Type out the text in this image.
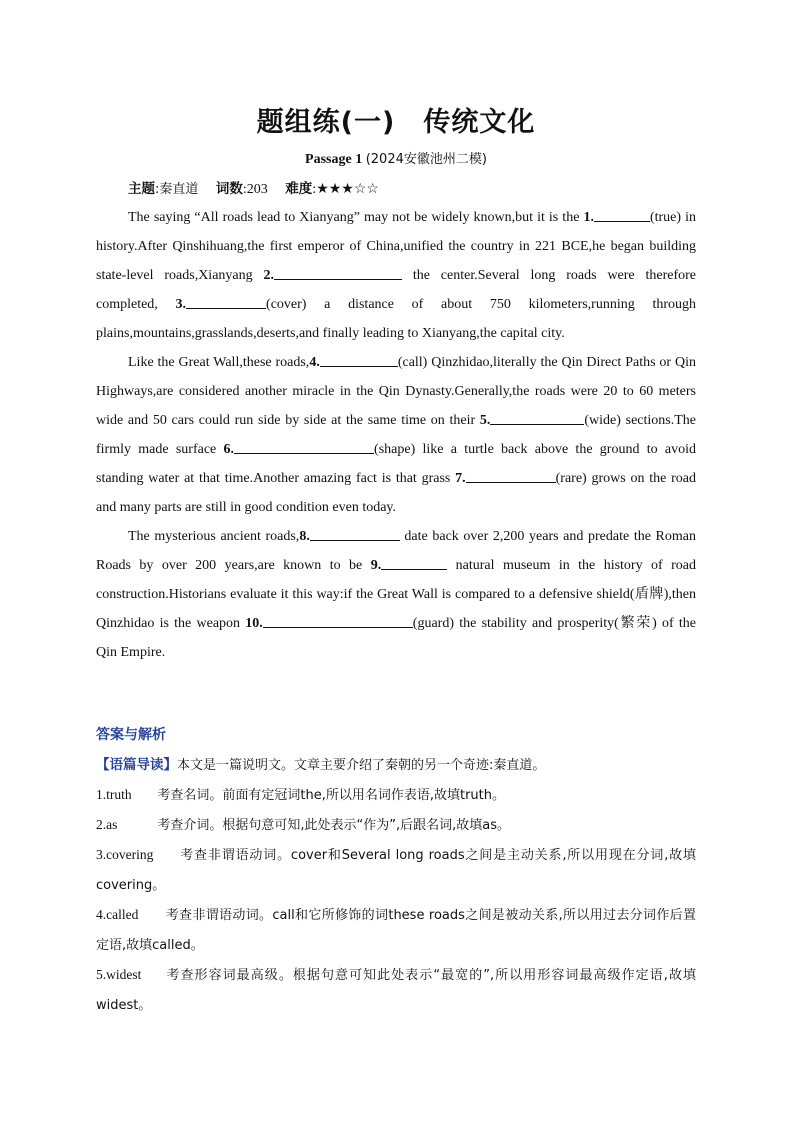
题组练(一)　传统文化
Passage 1 (2024安徽池州二模)
主题:秦直道 词数:203 难度:★★★☆☆

The saying “All roads lead to Xianyang” may not be widely known,but it is the 1.	(true) in history.After Qinshihuang,the first emperor of China,unified the country in 221 BCE,he began building state-level roads,Xianyang 2.	the center.Several long roads were therefore completed, 3.	(cover) a distance of about 750 kilometers,running through plains,mountains,grasslands,deserts,and finally leading to Xianyang,the capital city.

Like the Great Wall,these roads,4.	(call) Qinzhidao,literally the Qin Direct Paths or Qin Highways,are considered another miracle in the Qin Dynasty.Generally,the roads were 20 to 60 meters wide and 50 cars could run side by side at the same time on their 5.	(wide) sections.The firmly made surface 6.	(shape) like a turtle back above the ground to avoid standing water at that time.Another amazing fact is that grass 7.	(rare) grows on the road and many parts are still in good condition even today.

The mysterious ancient roads,8.	date back over 2,200 years and predate the Roman Roads by over 200 years,are known to be 9.	natural museum in the history of road construction.Historians evaluate it this way:if the Great Wall is compared to a defensive shield(盾牌),then Qinzhidao is the weapon 10.	(guard) the stability and prosperity(繁荣) of the Qin Empire.

答案与解析

【语篇导读】本文是一篇说明文。文章主要介绍了秦朝的另一个奇迹:秦直道。

1.truth 考查名词。前面有定冠词the,所以用名词作表语,故填truth。

2.as	考查介词。根据句意可知,此处表示“作为”,后跟名词,故填as。

3.covering 考查非谓语动词。cover和Several long roads之间是主动关系,所以用现在分词,故填covering。

4.called 考查非谓语动词。call和它所修饰的词these roads之间是被动关系,所以用过去分词作后置定语,故填called。

5.widest 考查形容词最高级。根据句意可知此处表示“最宽的”,所以用形容词最高级作定语,故填widest。
